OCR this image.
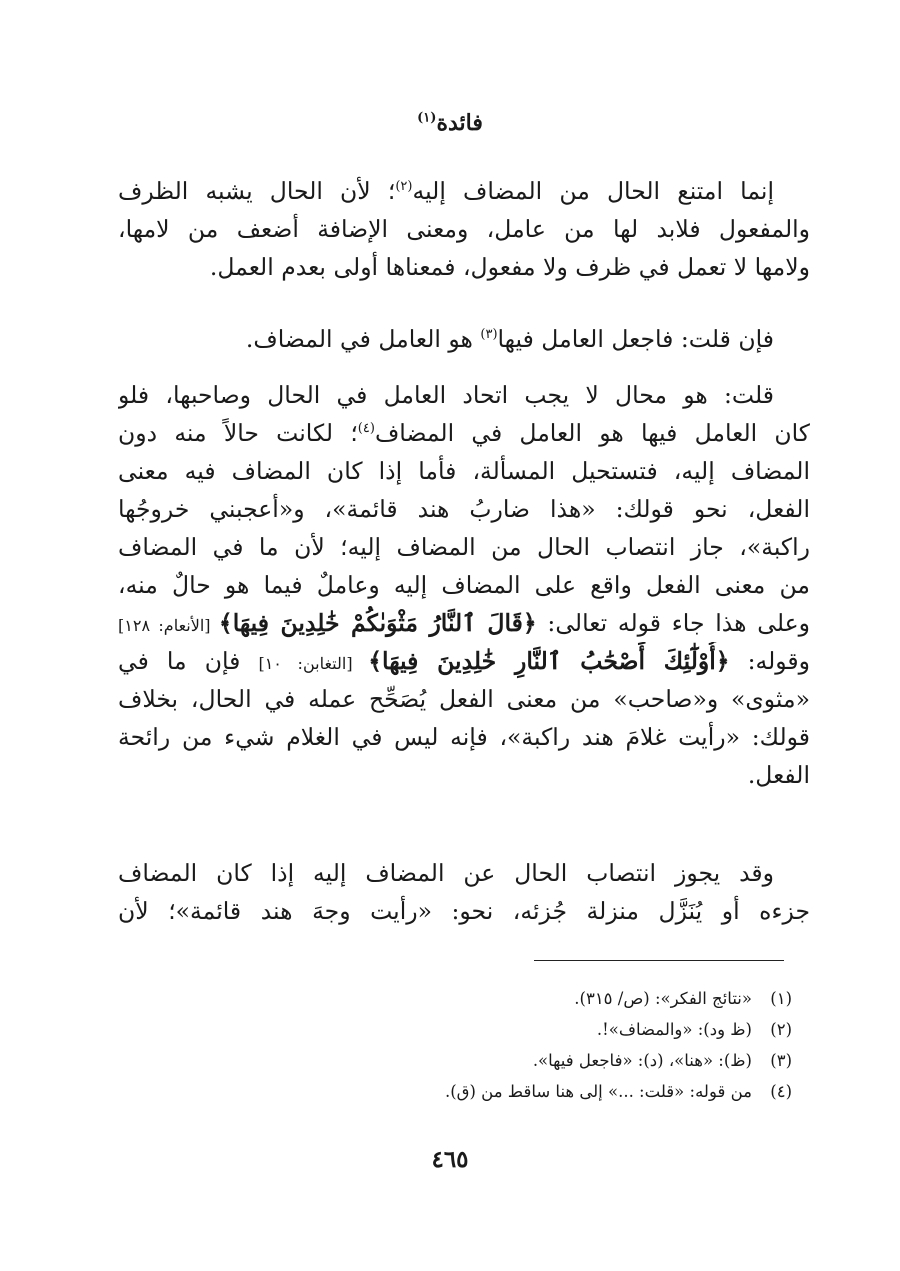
فائدة$^{(١)}$
إنما امتنع الحال من المضاف إليه$^{(٢)}$؛ لأن الحال يشبه الظرف
والمفعول فلابد لها من عامل، ومعنى الإضافة أضعف من لامها،
ولامها لا تعمل في ظرف ولا مفعول، فمعناها أولى بعدم العمل.
فإن قلت: فاجعل العامل فيها$^{(٣)}$ هو العامل في المضاف.
قلت: هو محال لا يجب اتحاد العامل في الحال وصاحبها، فلو
كان العامل فيها هو العامل في المضاف$^{(٤)}$؛ لكانت حالاً منه دون
المضاف إليه، فتستحيل المسألة، فأما إذا كان المضاف فيه معنى
الفعل، نحو قولك: «هذا ضاربُ هند قائمة»، و«أعجبني خروجُها
راكبة»، جاز انتصاب الحال من المضاف إليه؛ لأن ما في المضاف
من معنى الفعل واقع على المضاف إليه وعاملٌ فيما هو حالٌ منه،
وعلى هذا جاء قوله تعالى: ﴿قَالَ ٱلنَّارُ مَثْوَىٰكُمْ خَٰلِدِينَ فِيهَا﴾ [الأنعام: ١٢٨]
وقوله: ﴿أُوْلَٰٓئِكَ أَصْحَٰبُ ٱلنَّارِ خَٰلِدِينَ فِيهَا﴾ [التغابن: ١٠] فإن ما في
«مثوى» و«صاحب» من معنى الفعل يُصَحِّح عمله في الحال، بخلاف
قولك: «رأيت غلامَ هند راكبة»، فإنه ليس في الغلام شيء من رائحة
الفعل.
وقد يجوز انتصاب الحال عن المضاف إليه إذا كان المضاف
جزءه أو يُنَزَّل منزلة جُزئه، نحو: «رأيت وجهَ هند قائمة»؛ لأن
(١)«نتائج الفكر»: (ص/ ٣١٥).
(٢)(ظ ود): «والمضاف»!.
(٣)(ظ): «هنا»، (د): «فاجعل فيها».
(٤)من قوله: «قلت: ...» إلى هنا ساقط من (ق).
٤٦٥
